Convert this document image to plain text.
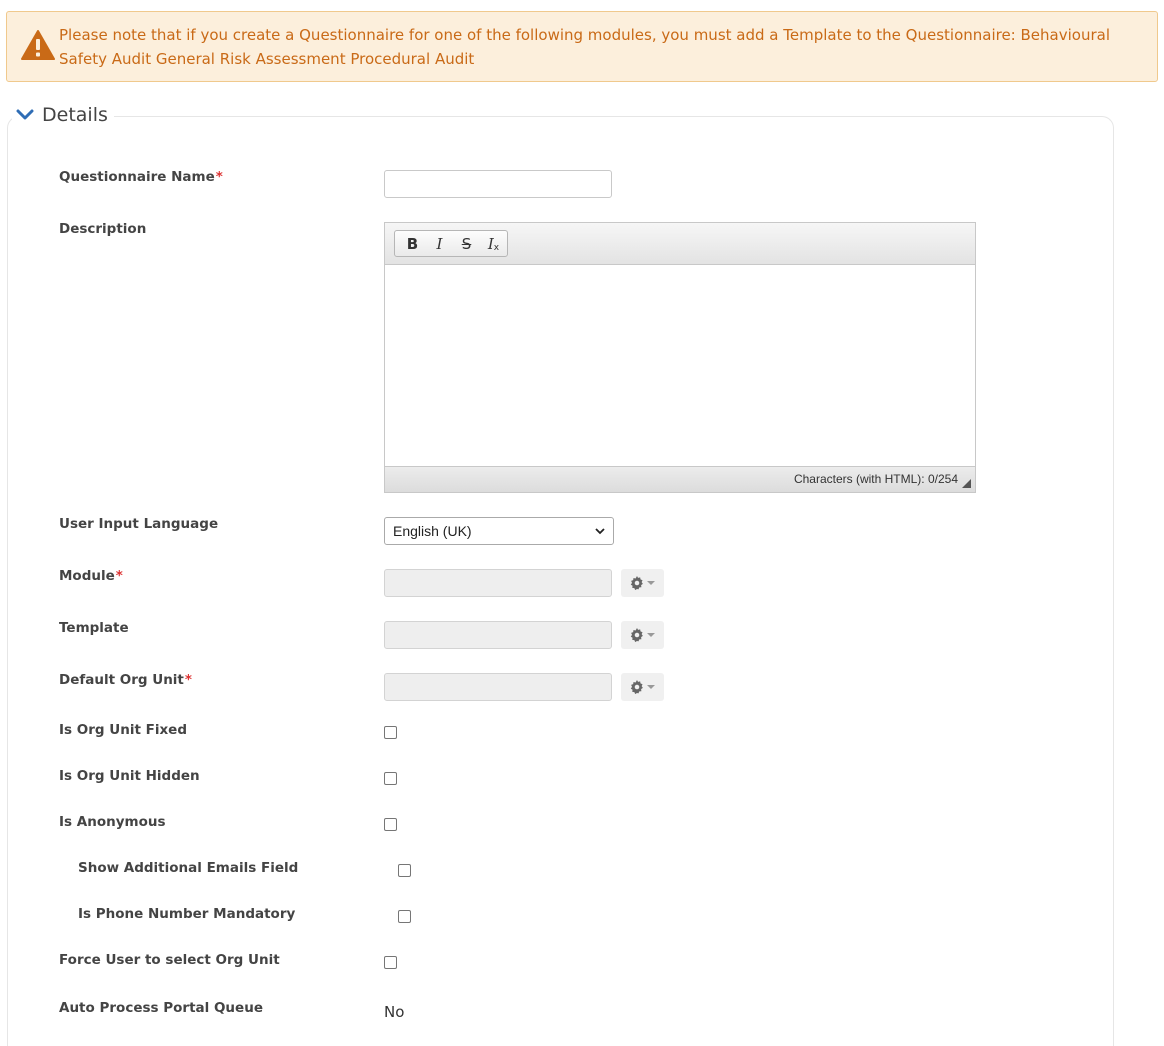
Please note that if you create a Questionnaire for one of the following modules, you must add a Template to the Questionnaire: Behavioural Safety Audit General Risk Assessment Procedural Audit
Details
Questionnaire Name*
Description
B	I	S	I x
Characters (with HTML): 0/254
User Input Language	English (UK)
Module*
Template
Default Org Unit*
Is Org Unit Fixed
Is Org Unit Hidden
Is Anonymous
Show Additional Emails Field
Is Phone Number Mandatory
Force User to select Org Unit
Auto Process Portal Queue	No
